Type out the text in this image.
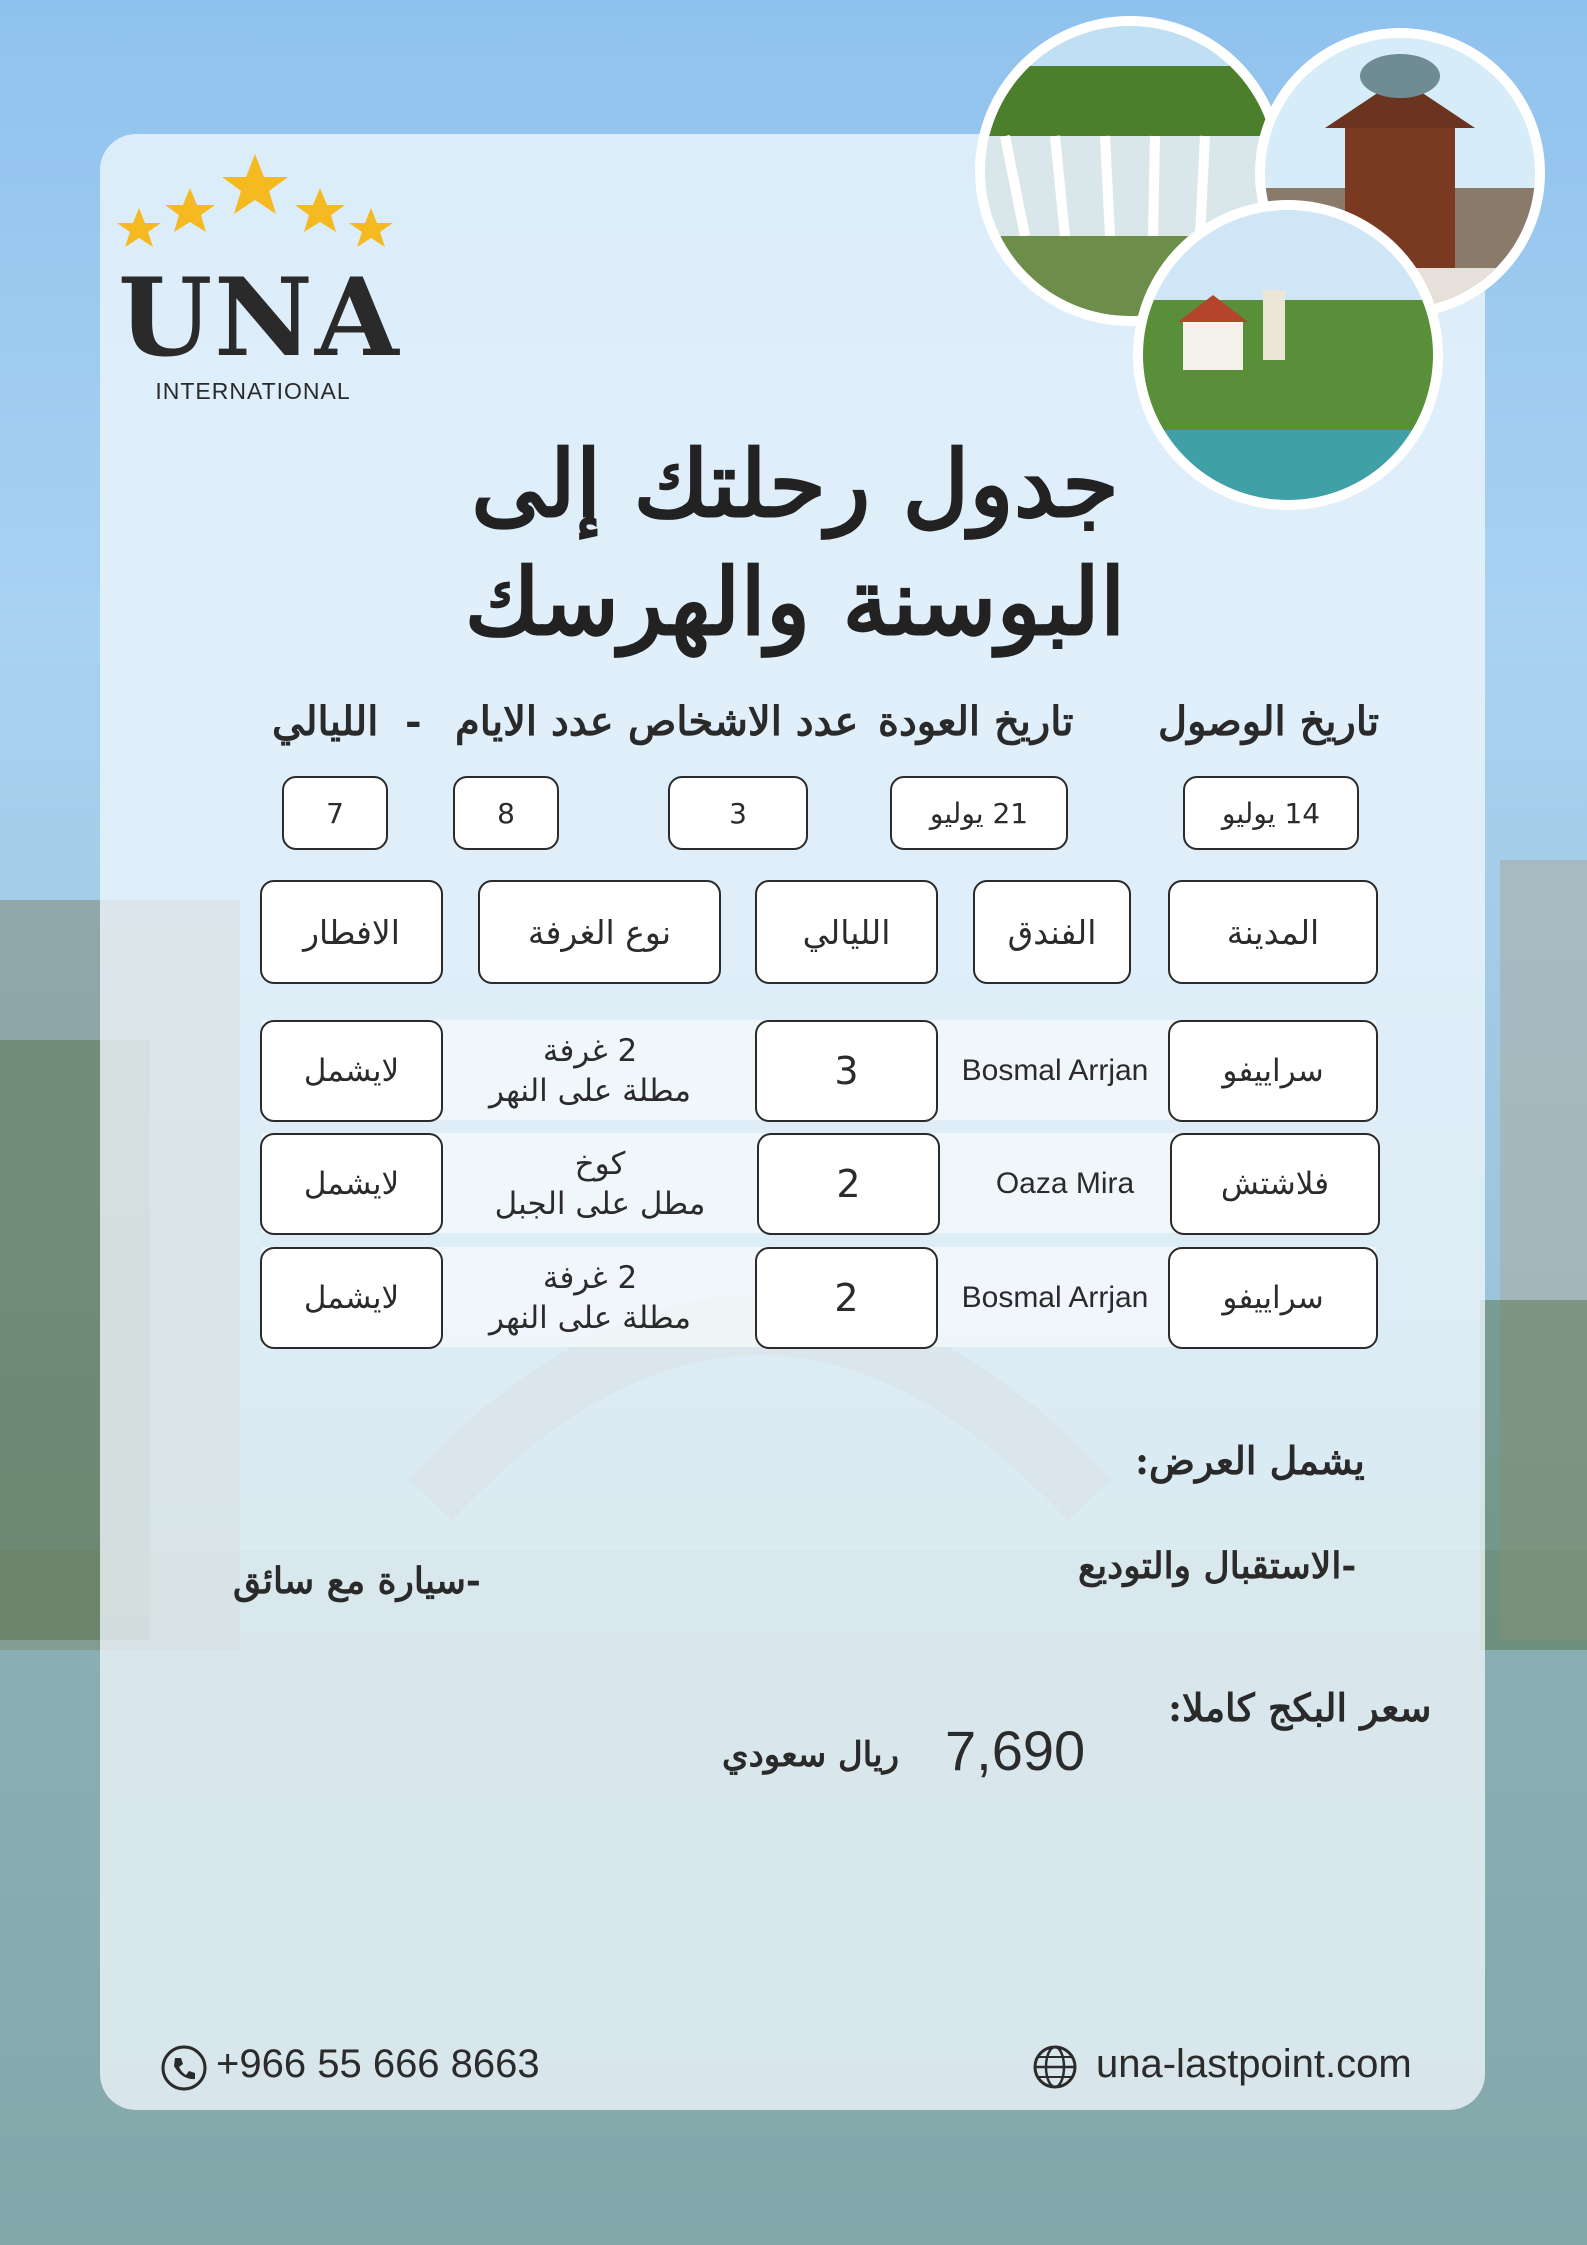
UNA
INTERNATIONAL
جدول رحلتك إلى
البوسنة والهرسك
تاريخ الوصول
تاريخ العودة
عدد الاشخاص
عدد الايام
-
الليالي
14 يوليو
21 يوليو
3
8
7
المدينة
الفندق
الليالي
نوع الغرفة
الافطار
سراييفو
Bosmal Arrjan
3
2 غرفة
مطلة على النهر
لايشمل
فلاشتش
Oaza Mira
2
كوخ
مطل على الجبل
لايشمل
سراييفو
Bosmal Arrjan
2
2 غرفة
مطلة على النهر
لايشمل
يشمل العرض:
-الاستقبال والتوديع
-سيارة مع سائق
سعر البكج كاملا:
7,690
ريال سعودي
+966 55 666 8663	una-lastpoint.com
